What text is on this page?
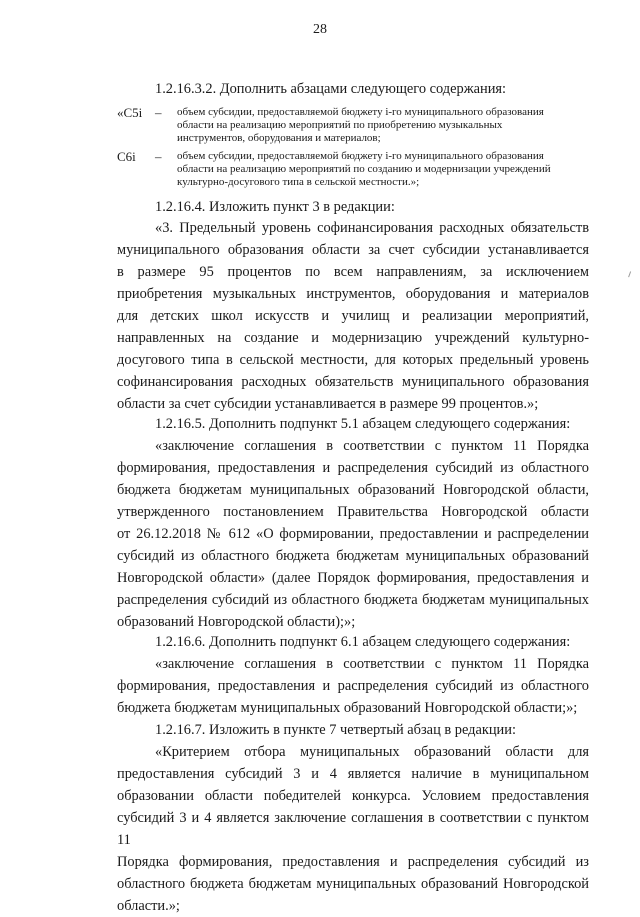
28

1.2.16.3.2. Дополнить абзацами следующего содержания:

«С5і – объем субсидии, предоставляемой бюджету і-го муниципального образования
области на реализацию мероприятий по приобретению музыкальных
инструментов, оборудования и материалов;
С6і	– объем субсидии, предоставляемой бюджету і-го муниципального образования
области на реализацию мероприятий по созданию и модернизации учреждений
культурно-досугового типа в сельской местности.»;

1.2.16.4. Изложить пункт 3 в редакции:

«3. Предельный уровень софинансирования расходных обязательств
муниципального образования области за счет субсидии устанавливается
в размере 95 процентов по всем направлениям, за исключением
приобретения музыкальных инструментов, оборудования и материалов
для детских школ искусств и училищ и реализации мероприятий,
направленных на создание и модернизацию учреждений культурно-
досугового типа в сельской местности, для которых предельный уровень
софинансирования расходных обязательств муниципального образования
области за счет субсидии устанавливается в размере 99 процентов.»;

1.2.16.5. Дополнить подпункт 5.1 абзацем следующего содержания:

«заключение соглашения в соответствии с пунктом 11 Порядка
формирования, предоставления и распределения субсидий из областного
бюджета бюджетам муниципальных образований Новгородской области,
утвержденного постановлением Правительства Новгородской области
от 26.12.2018 № 612 «О формировании, предоставлении и распределении
субсидий из областного бюджета бюджетам муниципальных образований
Новгородской области» (далее Порядок формирования, предоставления и
распределения субсидий из областного бюджета бюджетам муниципальных
образований Новгородской области);»;

1.2.16.6. Дополнить подпункт 6.1 абзацем следующего содержания:

«заключение соглашения в соответствии с пунктом 11 Порядка
формирования, предоставления и распределения субсидий из областного
бюджета бюджетам муниципальных образований Новгородской области;»;

1.2.16.7. Изложить в пункте 7 четвертый абзац в редакции:

«Критерием отбора муниципальных образований области для
предоставления субсидий 3 и 4 является наличие в муниципальном
образовании области победителей конкурса. Условием предоставления
субсидий 3 и 4 является заключение соглашения в соответствии с пунктом 11
Порядка формирования, предоставления и распределения субсидий из
областного бюджета бюджетам муниципальных образований Новгородской
области.»;
